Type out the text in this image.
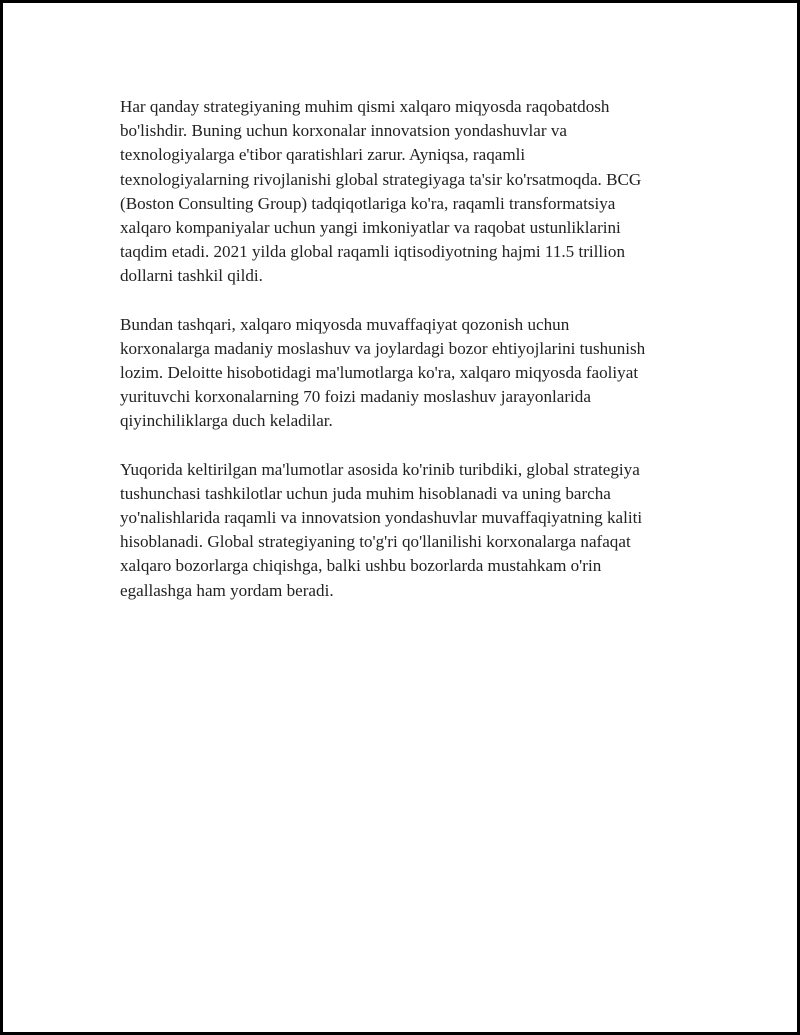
Har qanday strategiyaning muhim qismi xalqaro miqyosda raqobatdosh
bo'lishdir. Buning uchun korxonalar innovatsion yondashuvlar va
texnologiyalarga e'tibor qaratishlari zarur. Ayniqsa, raqamli
texnologiyalarning rivojlanishi global strategiyaga ta'sir ko'rsatmoqda. BCG
(Boston Consulting Group) tadqiqotlariga ko'ra, raqamli transformatsiya
xalqaro kompaniyalar uchun yangi imkoniyatlar va raqobat ustunliklarini
taqdim etadi. 2021 yilda global raqamli iqtisodiyotning hajmi 11.5 trillion
dollarni tashkil qildi.

Bundan tashqari, xalqaro miqyosda muvaffaqiyat qozonish uchun
korxonalarga madaniy moslashuv va joylardagi bozor ehtiyojlarini tushunish
lozim. Deloitte hisobotidagi ma'lumotlarga ko'ra, xalqaro miqyosda faoliyat
yurituvchi korxonalarning 70 foizi madaniy moslashuv jarayonlarida
qiyinchiliklarga duch keladilar.

Yuqorida keltirilgan ma'lumotlar asosida ko'rinib turibdiki, global strategiya
tushunchasi tashkilotlar uchun juda muhim hisoblanadi va uning barcha
yo'nalishlarida raqamli va innovatsion yondashuvlar muvaffaqiyatning kaliti
hisoblanadi. Global strategiyaning to'g'ri qo'llanilishi korxonalarga nafaqat
xalqaro bozorlarga chiqishga, balki ushbu bozorlarda mustahkam o'rin
egallashga ham yordam beradi.
